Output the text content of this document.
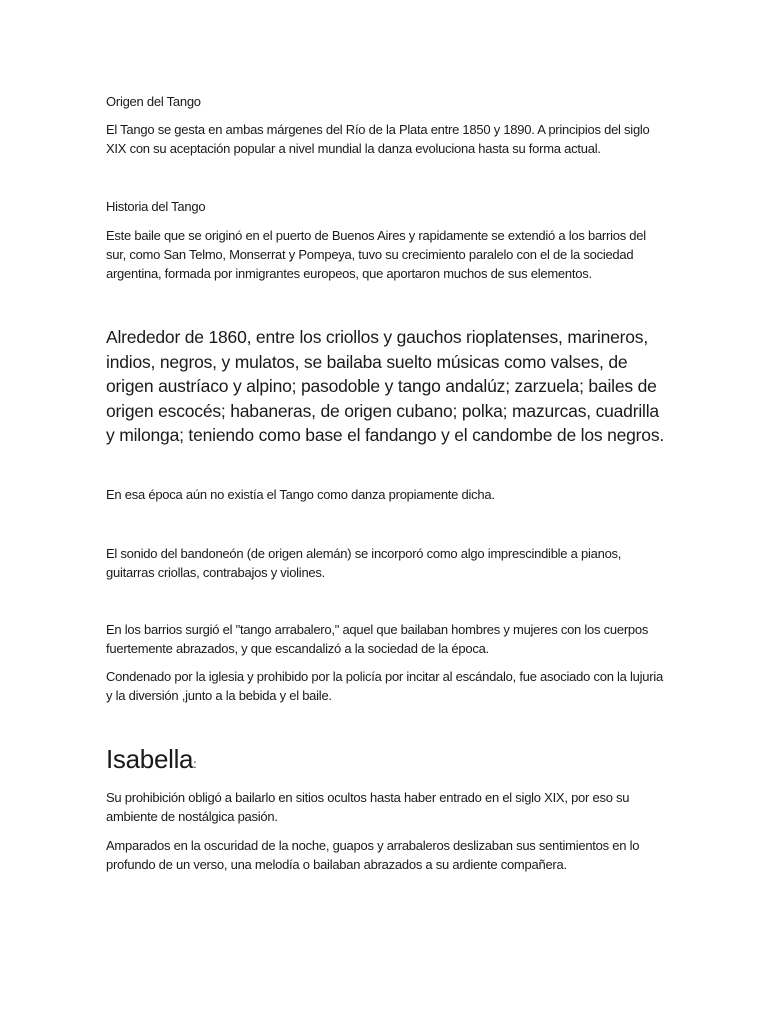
Origen del Tango

El Tango se gesta en ambas márgenes del Río de la Plata entre 1850 y 1890. A principios del siglo XIX con su aceptación popular a nivel mundial la danza evoluciona hasta su forma actual.

Historia del Tango

Este baile que se originó en el puerto de Buenos Aires y rapidamente se extendió a los barrios del sur, como San Telmo, Monserrat y Pompeya, tuvo su crecimiento paralelo con el de la sociedad argentina, formada por inmigrantes europeos, que aportaron muchos de sus elementos.

Alrededor de 1860, entre los criollos y gauchos rioplatenses, marineros, indios, negros, y mulatos, se bailaba suelto músicas como valses, de origen austríaco y alpino; pasodoble y tango andalúz; zarzuela; bailes de origen escocés; habaneras, de origen cubano; polka; mazurcas, cuadrilla y milonga; teniendo como base el fandango y el candombe de los negros.

En esa época aún no existía el Tango como danza propiamente dicha.

El sonido del bandoneón (de origen alemán) se incorporó como algo imprescindible a pianos, guitarras criollas, contrabajos y violines.

En los barrios surgió el "tango arrabalero," aquel que bailaban hombres y mujeres con los cuerpos fuertemente abrazados, y que escandalizó a la sociedad de la época.

Condenado por la iglesia y prohibido por la policía por incitar al escándalo, fue asociado con la lujuria y la diversión ,junto a la bebida y el baile.

Isabella:

Su prohibición obligó a bailarlo en sitios ocultos hasta haber entrado en el siglo XIX, por eso su ambiente de nostálgica pasión.

Amparados en la oscuridad de la noche, guapos y arrabaleros deslizaban sus sentimientos en lo profundo de un verso, una melodía o bailaban abrazados a su ardiente compañera.
